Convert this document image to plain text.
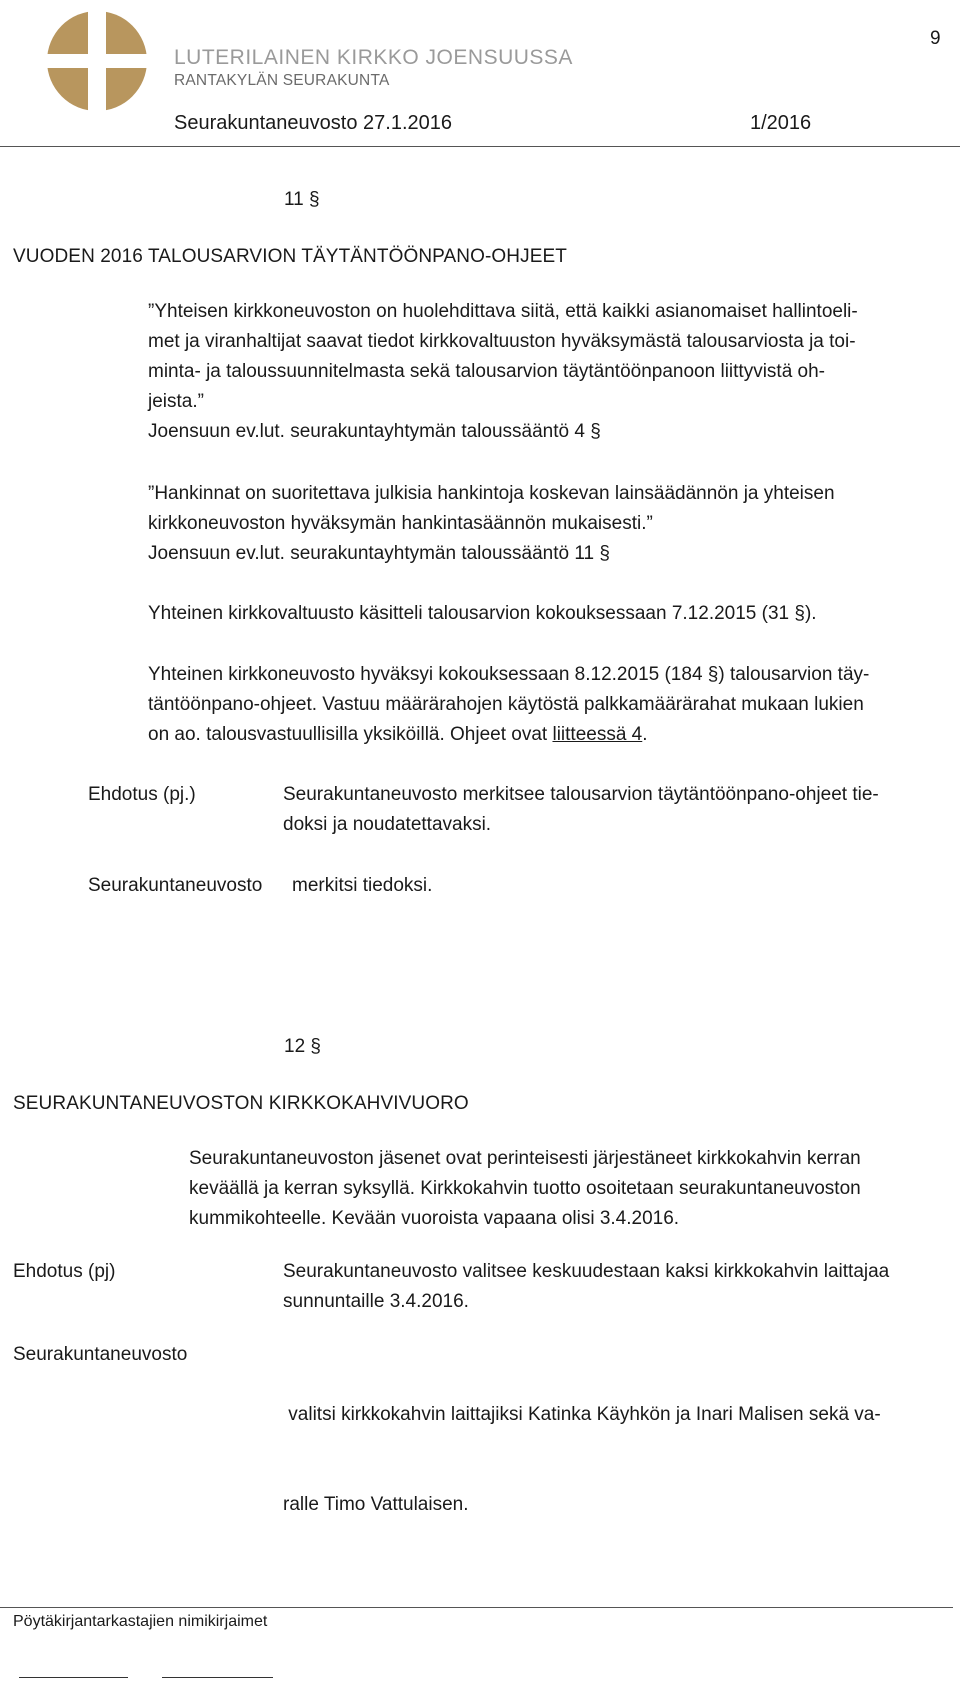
9
LUTERILAINEN KIRKKO JOENSUUSSA
RANTAKYLÄN SEURAKUNTA
Seurakuntaneuvosto 27.1.2016	1/2016
11 §
VUODEN 2016 TALOUSARVION TÄYTÄNTÖÖNPANO-OHJEET
”Yhteisen kirkkoneuvoston on huolehdittava siitä, että kaikki asianomaiset hallintoeli-
met ja viranhaltijat saavat tiedot kirkkovaltuuston hyväksymästä talousarviosta ja toi-
minta- ja taloussuunnitelmasta sekä talousarvion täytäntöönpanoon liittyvistä oh-
jeista.”
Joensuun ev.lut. seurakuntayhtymän taloussääntö 4 §
”Hankinnat on suoritettava julkisia hankintoja koskevan lainsäädännön ja yhteisen
kirkkoneuvoston hyväksymän hankintasäännön mukaisesti.”
Joensuun ev.lut. seurakuntayhtymän taloussääntö 11 §
Yhteinen kirkkovaltuusto käsitteli talousarvion kokouksessaan 7.12.2015 (31 §).
Yhteinen kirkkoneuvosto hyväksyi kokouksessaan 8.12.2015 (184 §) talousarvion täy-
täntöönpano-ohjeet. Vastuu määrärahojen käytöstä palkkamäärärahat mukaan lukien
on ao. talousvastuullisilla yksiköillä. Ohjeet ovat liitteessä 4.
Ehdotus (pj.)	Seurakuntaneuvosto merkitsee talousarvion täytäntöönpano-ohjeet tie-
doksi ja noudatettavaksi.
Seurakuntaneuvosto merkitsi tiedoksi.
12 §
SEURAKUNTANEUVOSTON KIRKKOKAHVIVUORO
Seurakuntaneuvoston jäsenet ovat perinteisesti järjestäneet kirkkokahvin kerran
keväällä ja kerran syksyllä. Kirkkokahvin tuotto osoitetaan seurakuntaneuvoston
kummikohteelle. Kevään vuoroista vapaana olisi 3.4.2016.
Ehdotus (pj)	Seurakuntaneuvosto valitsee keskuudestaan kaksi kirkkokahvin laittajaa
sunnuntaille 3.4.2016.
Seurakuntaneuvosto

valitsi kirkkokahvin laittajiksi Katinka Käyhkön ja Inari Malisen sekä va-

ralle Timo Vattulaisen.

Pöytäkirjantarkastajien nimikirjaimet
